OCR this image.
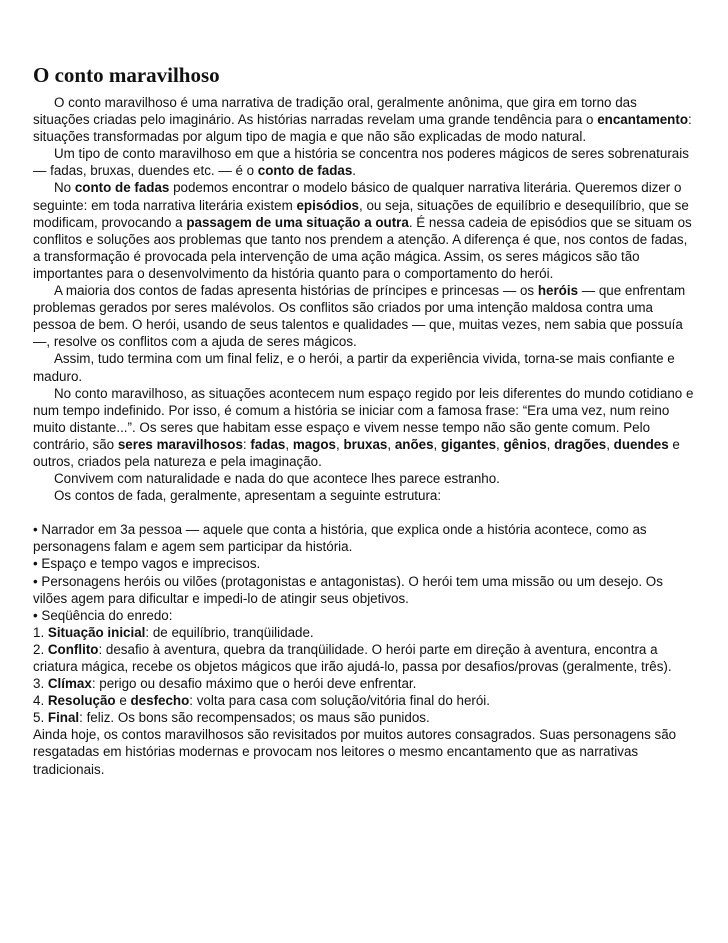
O conto maravilhoso

O conto maravilhoso é uma narrativa de tradição oral, geralmente anônima, que gira em torno das situações criadas pelo imaginário. As histórias narradas revelam uma grande tendência para o encantamento: situações transformadas por algum tipo de magia e que não são explicadas de modo natural.

Um tipo de conto maravilhoso em que a história se concentra nos poderes mágicos de seres sobrenaturais — fadas, bruxas, duendes etc. — é o conto de fadas.

No conto de fadas podemos encontrar o modelo básico de qualquer narrativa literária. Queremos dizer o seguinte: em toda narrativa literária existem episódios, ou seja, situações de equilíbrio e desequilíbrio, que se modificam, provocando a passagem de uma situação a outra. É nessa cadeia de episódios que se situam os conflitos e soluções aos problemas que tanto nos prendem a atenção. A diferença é que, nos contos de fadas, a transformação é provocada pela intervenção de uma ação mágica. Assim, os seres mágicos são tão importantes para o desenvolvimento da história quanto para o comportamento do herói.

A maioria dos contos de fadas apresenta histórias de príncipes e princesas — os heróis — que enfrentam problemas gerados por seres malévolos. Os conflitos são criados por uma intenção maldosa contra uma pessoa de bem. O herói, usando de seus talentos e qualidades — que, muitas vezes, nem sabia que possuía —, resolve os conflitos com a ajuda de seres mágicos.

Assim, tudo termina com um final feliz, e o herói, a partir da experiência vivida, torna-se mais confiante e maduro.

No conto maravilhoso, as situações acontecem num espaço regido por leis diferentes do mundo cotidiano e num tempo indefinido. Por isso, é comum a história se iniciar com a famosa frase: “Era uma vez, num reino muito distante...”. Os seres que habitam esse espaço e vivem nesse tempo não são gente comum. Pelo contrário, são seres maravilhosos: fadas, magos, bruxas, anões, gigantes, gênios, dragões, duendes e outros, criados pela natureza e pela imaginação.

Convivem com naturalidade e nada do que acontece lhes parece estranho.

Os contos de fada, geralmente, apresentam a seguinte estrutura:

• Narrador em 3a pessoa — aquele que conta a história, que explica onde a história acontece, como as personagens falam e agem sem participar da história.

• Espaço e tempo vagos e imprecisos.

• Personagens heróis ou vilões (protagonistas e antagonistas). O herói tem uma missão ou um desejo. Os vilões agem para dificultar e impedi-lo de atingir seus objetivos.

• Seqüência do enredo:

1. Situação inicial: de equilíbrio, tranqüilidade.

2. Conflito: desafio à aventura, quebra da tranqüilidade. O herói parte em direção à aventura, encontra a criatura mágica, recebe os objetos mágicos que irão ajudá-lo, passa por desafios/provas (geralmente, três).

3. Clímax: perigo ou desafio máximo que o herói deve enfrentar.

4. Resolução e desfecho: volta para casa com solução/vitória final do herói.

5. Final: feliz. Os bons são recompensados; os maus são punidos.

Ainda hoje, os contos maravilhosos são revisitados por muitos autores consagrados. Suas personagens são resgatadas em histórias modernas e provocam nos leitores o mesmo encantamento que as narrativas tradicionais.
